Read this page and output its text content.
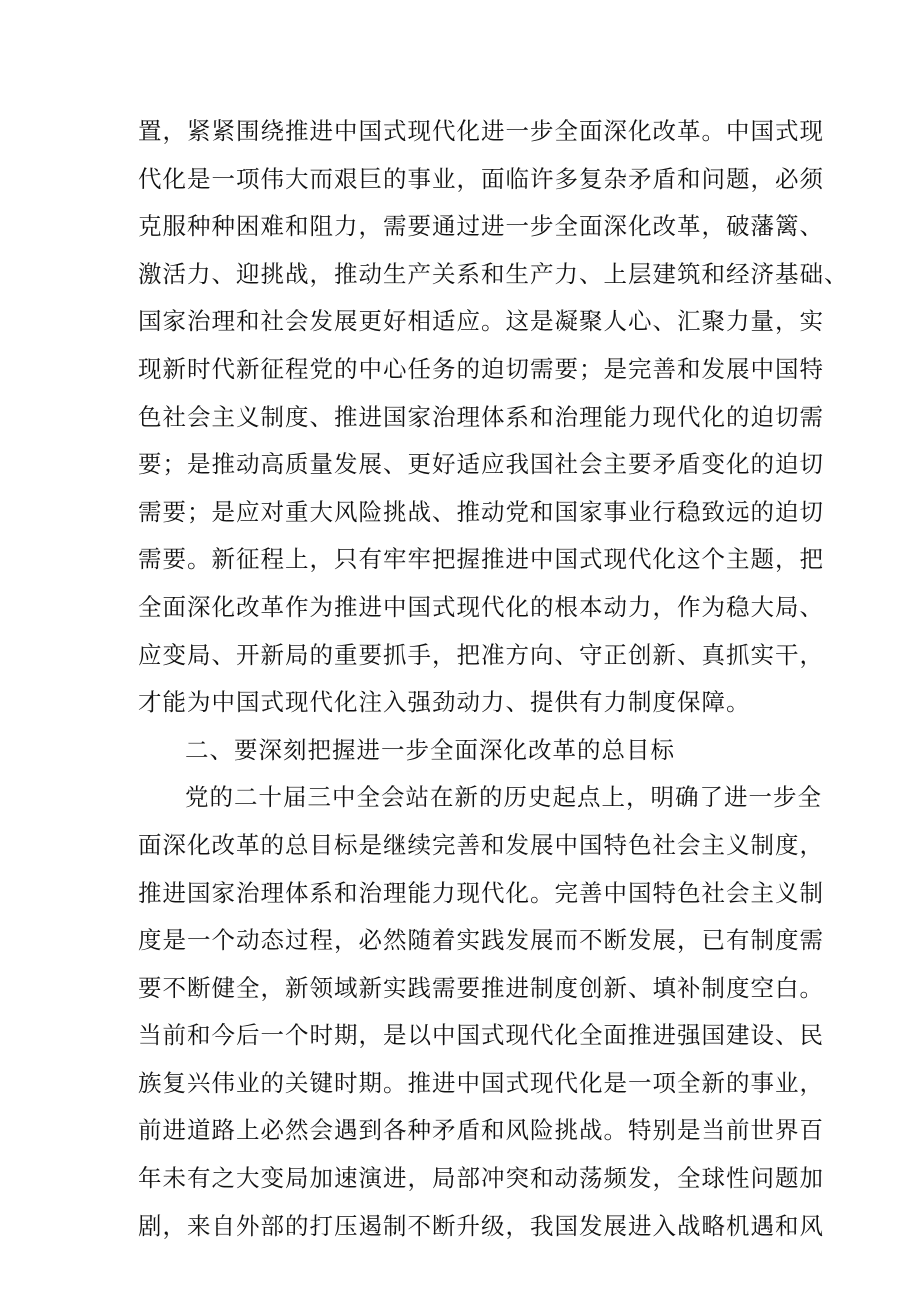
置，紧紧围绕推进中国式现代化进一步全面深化改革。中国式现
代化是一项伟大而艰巨的事业，面临许多复杂矛盾和问题，必须
克服种种困难和阻力，需要通过进一步全面深化改革，破藩篱、
激活力、迎挑战，推动生产关系和生产力、上层建筑和经济基础、
国家治理和社会发展更好相适应。这是凝聚人心、汇聚力量，实
现新时代新征程党的中心任务的迫切需要；是完善和发展中国特
色社会主义制度、推进国家治理体系和治理能力现代化的迫切需
要；是推动高质量发展、更好适应我国社会主要矛盾变化的迫切
需要；是应对重大风险挑战、推动党和国家事业行稳致远的迫切
需要。新征程上，只有牢牢把握推进中国式现代化这个主题，把
全面深化改革作为推进中国式现代化的根本动力，作为稳大局、
应变局、开新局的重要抓手，把准方向、守正创新、真抓实干，
才能为中国式现代化注入强劲动力、提供有力制度保障。
二、要深刻把握进一步全面深化改革的总目标
党的二十届三中全会站在新的历史起点上，明确了进一步全
面深化改革的总目标是继续完善和发展中国特色社会主义制度，
推进国家治理体系和治理能力现代化。完善中国特色社会主义制
度是一个动态过程，必然随着实践发展而不断发展，已有制度需
要不断健全，新领域新实践需要推进制度创新、填补制度空白。
当前和今后一个时期，是以中国式现代化全面推进强国建设、民
族复兴伟业的关键时期。推进中国式现代化是一项全新的事业，
前进道路上必然会遇到各种矛盾和风险挑战。特别是当前世界百
年未有之大变局加速演进，局部冲突和动荡频发，全球性问题加
剧，来自外部的打压遏制不断升级，我国发展进入战略机遇和风
